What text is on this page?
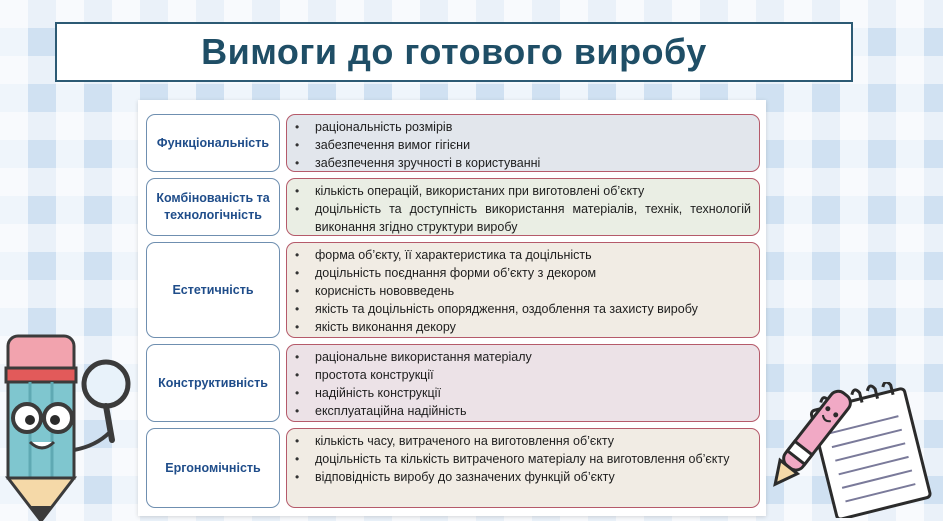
Вимоги до готового виробу
Функціональність
• раціональність розмірів
• забезпечення вимог гігієни
• забезпечення зручності в користуванні
Комбінованість та технологічність
• кількість операцій, використаних при виготовлені об’єкту
• доцільність та доступність використання матеріалів, технік, технологій виконання згідно структури виробу
Естетичність
• форма об’єкту, її характеристика та доцільність
• доцільність поєднання форми об’єкту з декором
• корисність нововведень
• якість та доцільність опорядження, оздоблення та захисту виробу
• якість виконання декору
Конструктивність
• раціональне використання матеріалу
• простота конструкції
• надійність конструкції
• експлуатаційна надійність
Ергономічність
• кількість часу, витраченого на виготовлення об’єкту
• доцільність та кількість витраченого матеріалу на виготовлення об’єкту
• відповідність виробу до зазначених функцій об’єкту
